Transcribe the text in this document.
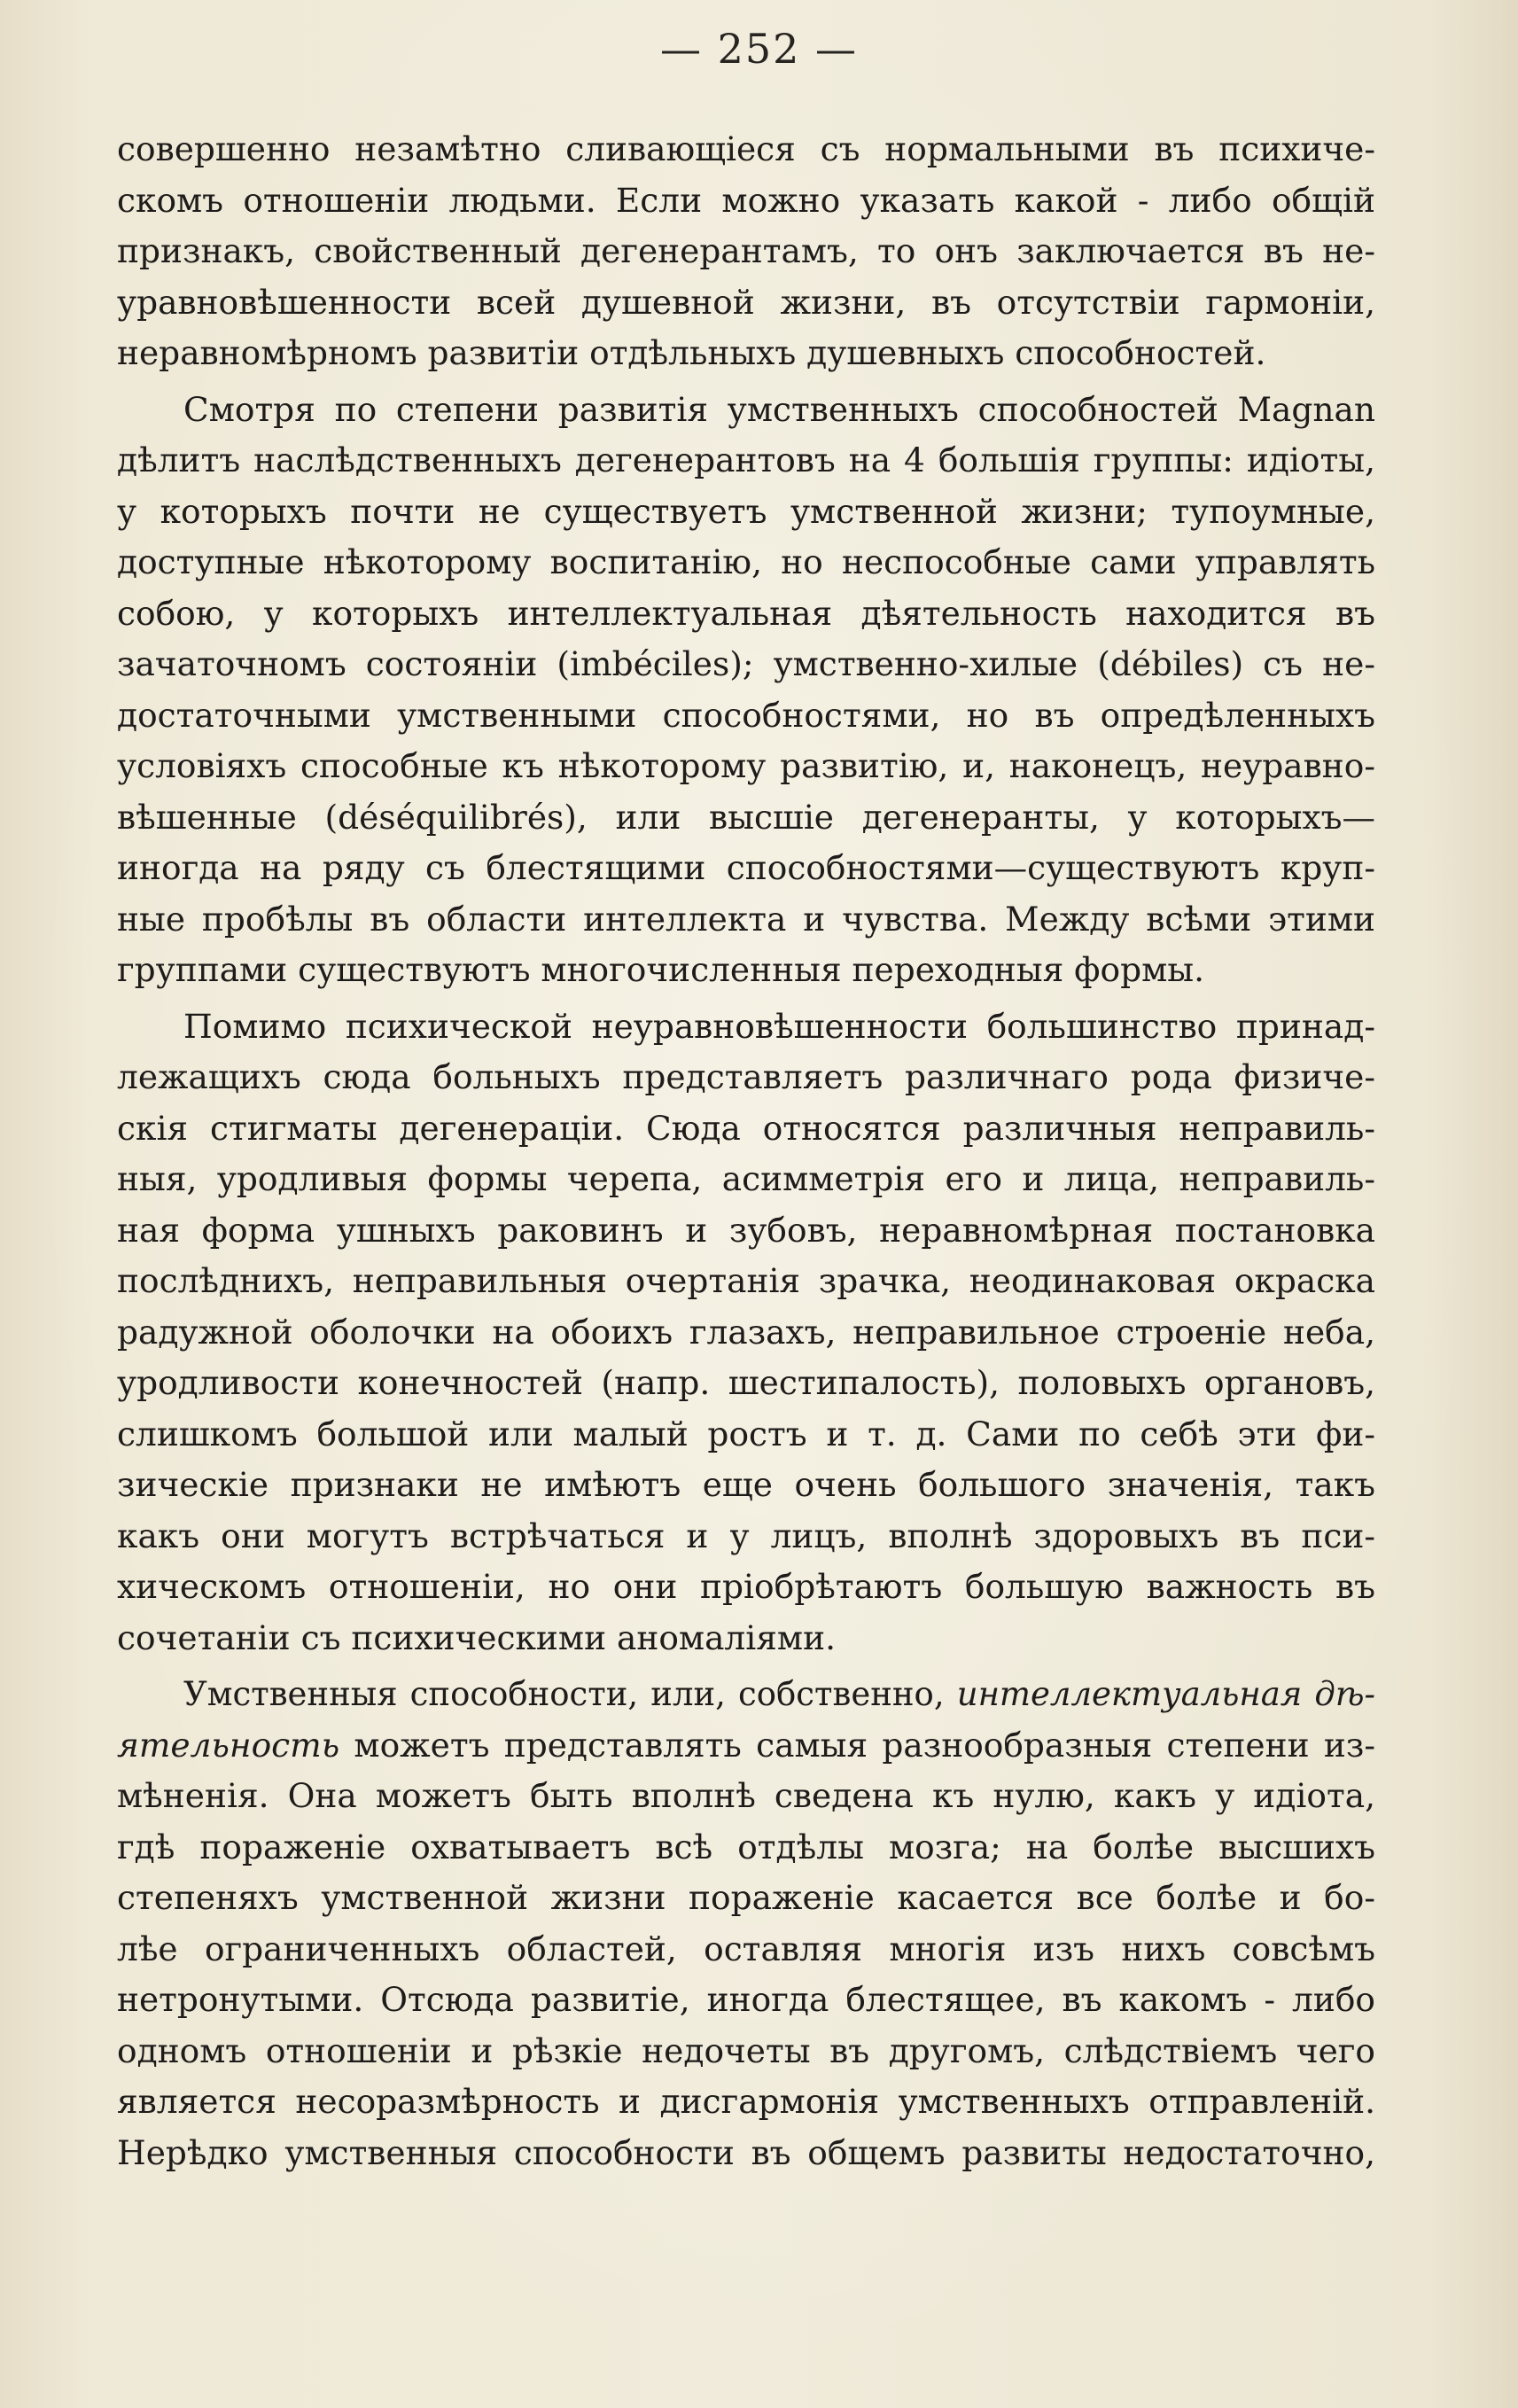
— 252 —
совершенно незамѣтно сливающіеся съ нормальными въ психиче-
скомъ отношеніи людьми. Если можно указать какой - либо общій
признакъ, свойственный дегенерантамъ, то онъ заключается въ не-
уравновѣшенности всей душевной жизни, въ отсутствіи гармоніи,
неравномѣрномъ развитіи отдѣльныхъ душевныхъ способностей.
Смотря по степени развитія умственныхъ способностей Magnan
дѣлитъ наслѣдственныхъ дегенерантовъ на 4 большія группы: идіоты,
у которыхъ почти не существуетъ умственной жизни; тупоумные,
доступные нѣкоторому воспитанію, но неспособные сами управлять
собою, у которыхъ интеллектуальная дѣятельность находится въ
зачаточномъ состояніи (imbéciles); умственно-хилые (débiles) съ не-
достаточными умственными способностями, но въ опредѣленныхъ
условіяхъ способные къ нѣкоторому развитію, и, наконецъ, неуравно-
вѣшенные (déséquilibrés), или высшіе дегенеранты, у которыхъ—
иногда на ряду съ блестящими способностями—существуютъ круп-
ные пробѣлы въ области интеллекта и чувства. Между всѣми этими
группами существуютъ многочисленныя переходныя формы.
Помимо психической неуравновѣшенности большинство принад-
лежащихъ сюда больныхъ представляетъ различнаго рода физиче-
скія стигматы дегенераціи. Сюда относятся различныя неправиль-
ныя, уродливыя формы черепа, асимметрія его и лица, неправиль-
ная форма ушныхъ раковинъ и зубовъ, неравномѣрная постановка
послѣднихъ, неправильныя очертанія зрачка, неодинаковая окраска
радужной оболочки на обоихъ глазахъ, неправильное строеніе неба,
уродливости конечностей (напр. шестипалость), половыхъ органовъ,
слишкомъ большой или малый ростъ и т. д. Сами по себѣ эти фи-
зическіе признаки не имѣютъ еще очень большого значенія, такъ
какъ они могутъ встрѣчаться и у лицъ, вполнѣ здоровыхъ въ пси-
хическомъ отношеніи, но они пріобрѣтаютъ большую важность въ
сочетаніи съ психическими аномаліями.
Умственныя способности, или, собственно, интеллектуальная дѣ-
ятельность можетъ представлять самыя разнообразныя степени из-
мѣненія. Она можетъ быть вполнѣ сведена къ нулю, какъ у идіота,
гдѣ пораженіе охватываетъ всѣ отдѣлы мозга; на болѣе высшихъ
степеняхъ умственной жизни пораженіе касается все болѣе и бо-
лѣе ограниченныхъ областей, оставляя многія изъ нихъ совсѣмъ
нетронутыми. Отсюда развитіе, иногда блестящее, въ какомъ - либо
одномъ отношеніи и рѣзкіе недочеты въ другомъ, слѣдствіемъ чего
является несоразмѣрность и дисгармонія умственныхъ отправленій.
Нерѣдко умственныя способности въ общемъ развиты недостаточно,
